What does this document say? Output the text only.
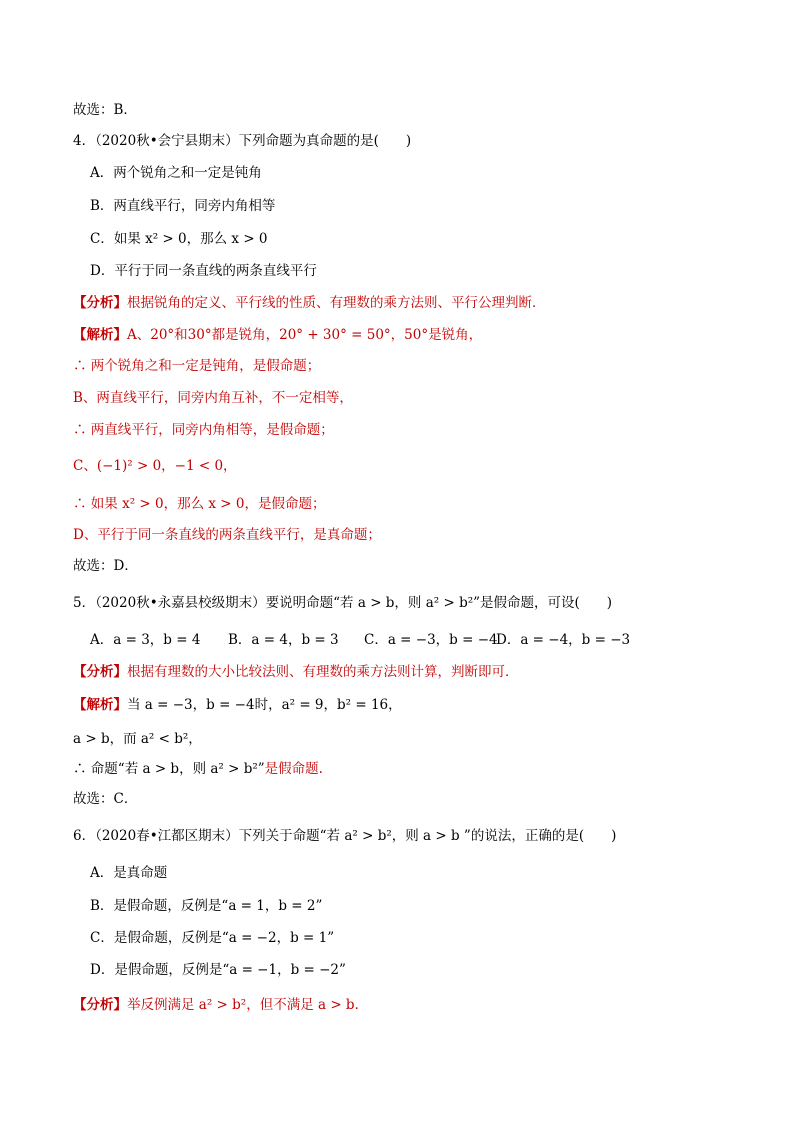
故选：B．
4．（2020秋•会宁县期末）下列命题为真命题的是(　　)
A．两个锐角之和一定是钝角
B．两直线平行，同旁内角相等
C．如果 x² > 0，那么 x > 0
D．平行于同一条直线的两条直线平行
【分析】根据锐角的定义、平行线的性质、有理数的乘方法则、平行公理判断．
【解析】A、20°和30°都是锐角，20° + 30° = 50°，50°是锐角，
∴ 两个锐角之和一定是钝角，是假命题；
B、两直线平行，同旁内角互补，不一定相等，
∴ 两直线平行，同旁内角相等，是假命题；
C、(−1)² > 0，−1 < 0，
∴ 如果 x² > 0，那么 x > 0，是假命题；
D、平行于同一条直线的两条直线平行，是真命题；
故选：D．
5．（2020秋•永嘉县校级期末）要说明命题“若 a > b，则 a² > b²”是假命题，可设(　　)
A．a = 3，b = 4 B．a = 4，b = 3 C．a = −3，b = −4
D．a = −4，b = −3
【分析】根据有理数的大小比较法则、有理数的乘方法则计算，判断即可．
【解析】当 a = −3，b = −4时，a² = 9，b² = 16，
a > b，而 a² < b²，
∴ 命题“若 a > b，则 a² > b²”是假命题.
故选：C．
6．（2020春•江都区期末）下列关于命题“若 a² > b²，则 a > b ”的说法，正确的是(　　)
A．是真命题
B．是假命题，反例是“a = 1，b = 2”
C．是假命题，反例是“a = −2，b = 1”
D．是假命题，反例是“a = −1，b = −2”
【分析】举反例满足 a² > b²，但不满足 a > b．
